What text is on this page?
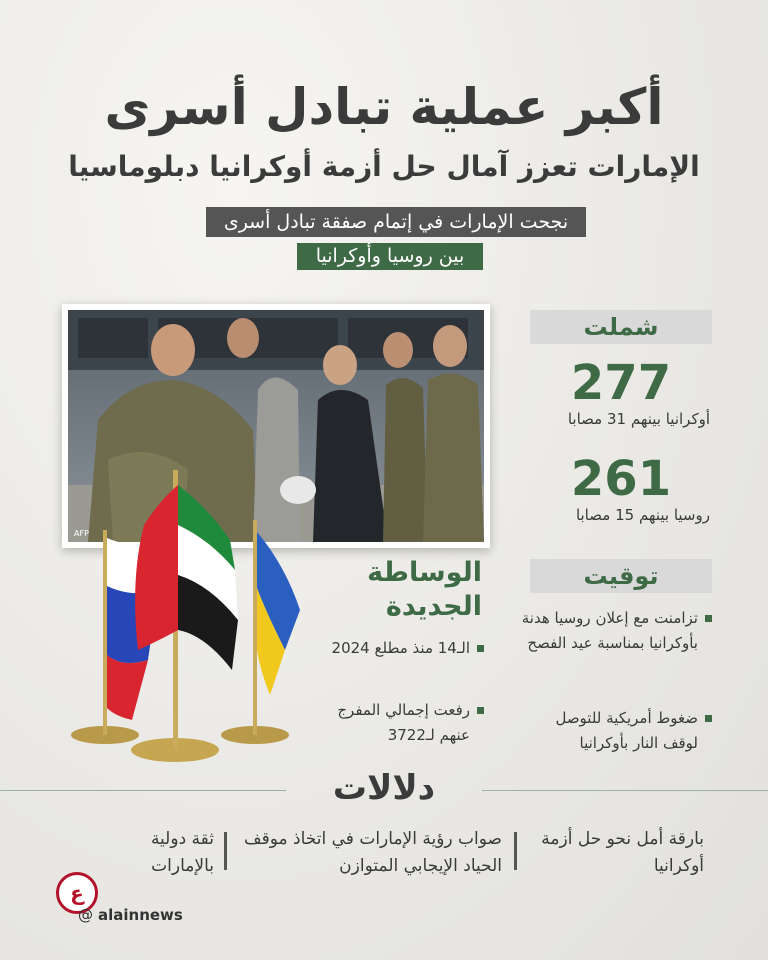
أكبر عملية تبادل أسرى
الإمارات تعزز آمال حل أزمة أوكرانيا دبلوماسيا
نجحت الإمارات في إتمام صفقة تبادل أسرى
بين روسيا وأوكرانيا
AFP
شملت
277
أوكرانيا بينهم 31 مصابا
261
روسيا بينهم 15 مصابا
توقيت
تزامنت مع إعلان روسيا هدنة بأوكرانيا بمناسبة عيد الفصح
ضغوط أمريكية للتوصل لوقف النار بأوكرانيا
الوساطة
الجديدة
الـ14 منذ مطلع 2024
رفعت إجمالي المفرج عنهم لـ3722
دلالات
بارقة أمل نحو حل أزمة أوكرانيا
صواب رؤية الإمارات في اتخاذ موقف الحياد الإيجابي المتوازن
ثقة دولية بالإمارات
ع
@ alainnews
